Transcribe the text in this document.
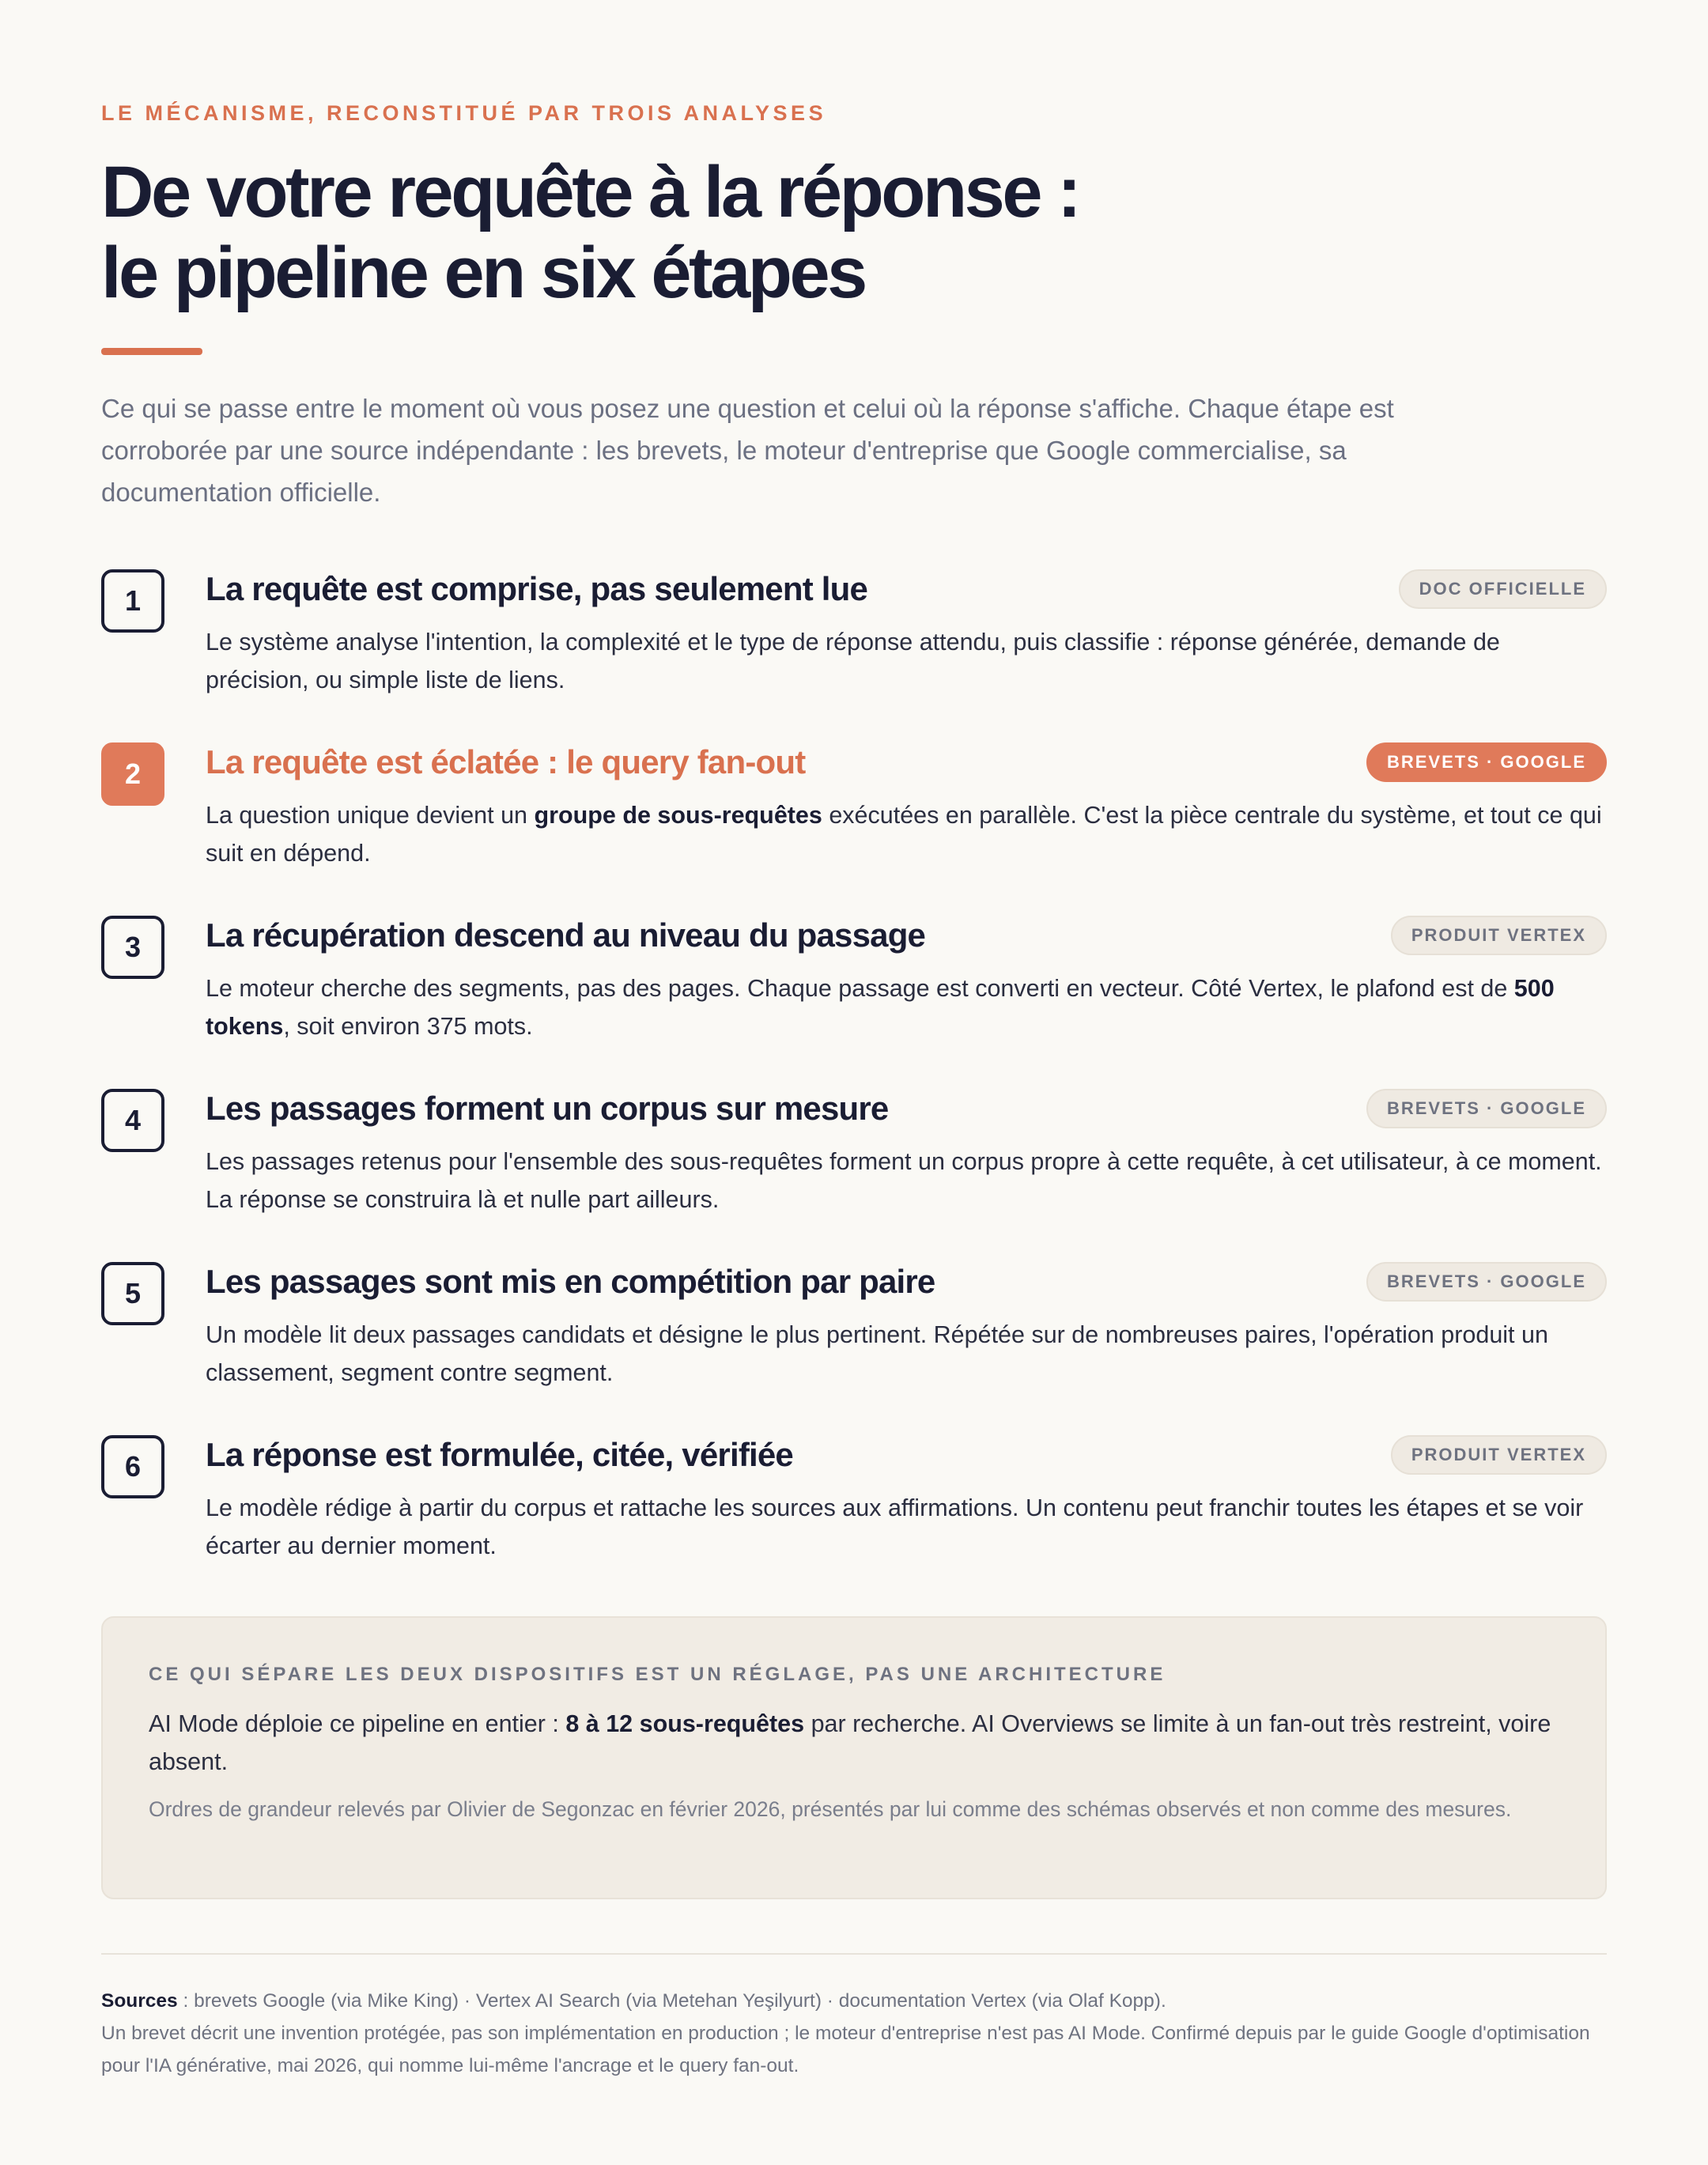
LE MÉCANISME, RECONSTITUÉ PAR TROIS ANALYSES
De votre requête à la réponse :
le pipeline en six étapes

Ce qui se passe entre le moment où vous posez une question et celui où la réponse s'affiche. Chaque étape est corroborée par une source indépendante : les brevets, le moteur d'entreprise que Google commercialise, sa documentation officielle.

1	La requête est comprise, pas seulement lue	DOC OFFICIELLE

Le système analyse l'intention, la complexité et le type de réponse attendu, puis classifie : réponse générée, demande de précision, ou simple liste de liens.

2	La requête est éclatée : le query fan-out	BREVETS · GOOGLE

La question unique devient un groupe de sous-requêtes exécutées en parallèle. C'est la pièce centrale du système, et tout ce qui suit en dépend.

3	La récupération descend au niveau du passage	PRODUIT VERTEX

Le moteur cherche des segments, pas des pages. Chaque passage est converti en vecteur. Côté Vertex, le plafond est de 500 tokens, soit environ 375 mots.

4	Les passages forment un corpus sur mesure	BREVETS · GOOGLE

Les passages retenus pour l'ensemble des sous-requêtes forment un corpus propre à cette requête, à cet utilisateur, à ce moment. La réponse se construira là et nulle part ailleurs.

5	Les passages sont mis en compétition par paire	BREVETS · GOOGLE

Un modèle lit deux passages candidats et désigne le plus pertinent. Répétée sur de nombreuses paires, l'opération produit un classement, segment contre segment.

6	La réponse est formulée, citée, vérifiée	PRODUIT VERTEX

Le modèle rédige à partir du corpus et rattache les sources aux affirmations. Un contenu peut franchir toutes les étapes et se voir écarter au dernier moment.

CE QUI SÉPARE LES DEUX DISPOSITIFS EST UN RÉGLAGE, PAS UNE ARCHITECTURE

AI Mode déploie ce pipeline en entier : 8 à 12 sous-requêtes par recherche. AI Overviews se limite à un fan-out très restreint, voire absent.

Ordres de grandeur relevés par Olivier de Segonzac en février 2026, présentés par lui comme des schémas observés et non comme des mesures.

Sources : brevets Google (via Mike King) · Vertex AI Search (via Metehan Yeşilyurt) · documentation Vertex (via Olaf Kopp).
Un brevet décrit une invention protégée, pas son implémentation en production ; le moteur d'entreprise n'est pas AI Mode. Confirmé depuis par le guide Google d'optimisation pour l'IA générative, mai 2026, qui nomme lui-même l'ancrage et le query fan-out.
